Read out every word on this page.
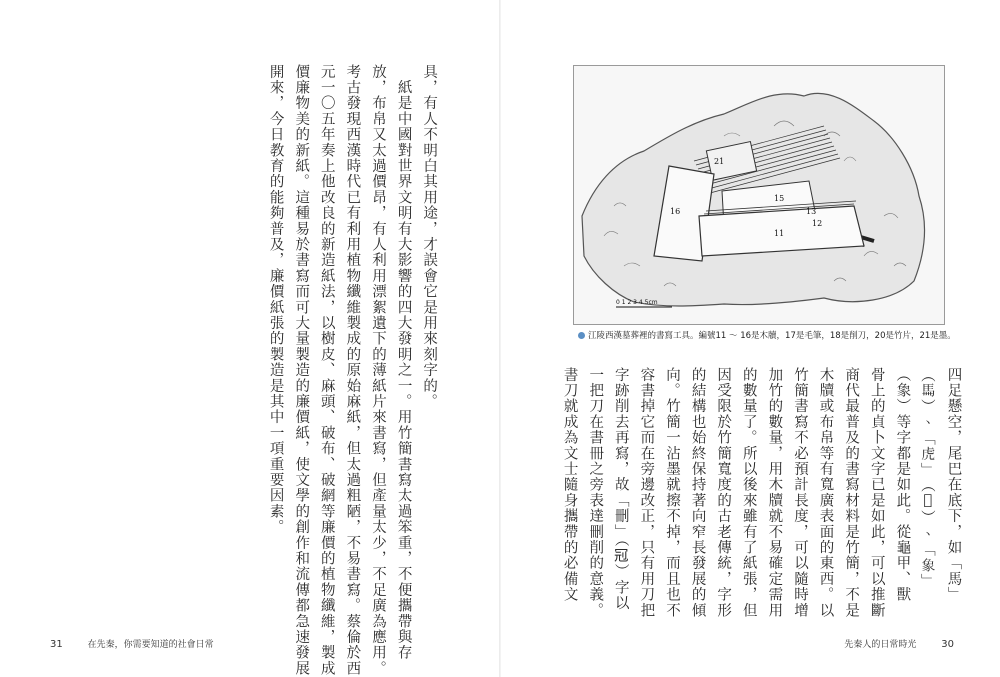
具，有人不明白其用途，才誤會它是用來刻字的。

　紙是中國對世界文明有大影響的四大發明之一。用竹簡書寫太過笨重，不便攜帶與存

放，布帛又太過價昂，有人利用漂絮遺下的薄紙片來書寫，但產量太少，不足廣為應用。

考古發現西漢時代已有利用植物纖維製成的原始麻紙，但太過粗陋，不易書寫。蔡倫於西

元一〇五年奏上他改良的新造紙法，以樹皮、麻頭、破布、破網等廉價的植物纖維，製成

價廉物美的新紙。這種易於書寫而可大量製造的廉價紙，使文學的創作和流傳都急速發展

開來，今日教育的能夠普及，廉價紙張的製造是其中一項重要因素。

31	在先秦，你需要知道的社會日常
21
15
13
12
11
16
0 1 2 3 4 5cm
江陵西漢墓葬裡的書寫工具。編號11 ～ 16是木牘，17是毛筆，18是削刀，20是竹片，21是墨。

四足懸空，尾巴在底下，如「馬」

（𩡧）、「虎」（𧆞）、「象」

（𧰼）等字都是如此。從龜甲、獸

骨上的貞卜文字已是如此，可以推斷

商代最普及的書寫材料是竹簡，不是

木牘或布帛等有寬廣表面的東西。以

竹簡書寫不必預計長度，可以隨時增

加竹的數量，用木牘就不易確定需用

的數量了。所以後來雖有了紙張，但

因受限於竹簡寬度的古老傳統，字形

的結構也始終保持著向窄長發展的傾

向。竹簡一沾墨就擦不掉，而且也不

容書掉它而在旁邊改正，只有用刀把

字跡削去再寫，故「刪」（𠜍）字以

一把刀在書冊之旁表達刪削的意義。

書刀就成為文士隨身攜帶的必備文

先秦人的日常時光 30
